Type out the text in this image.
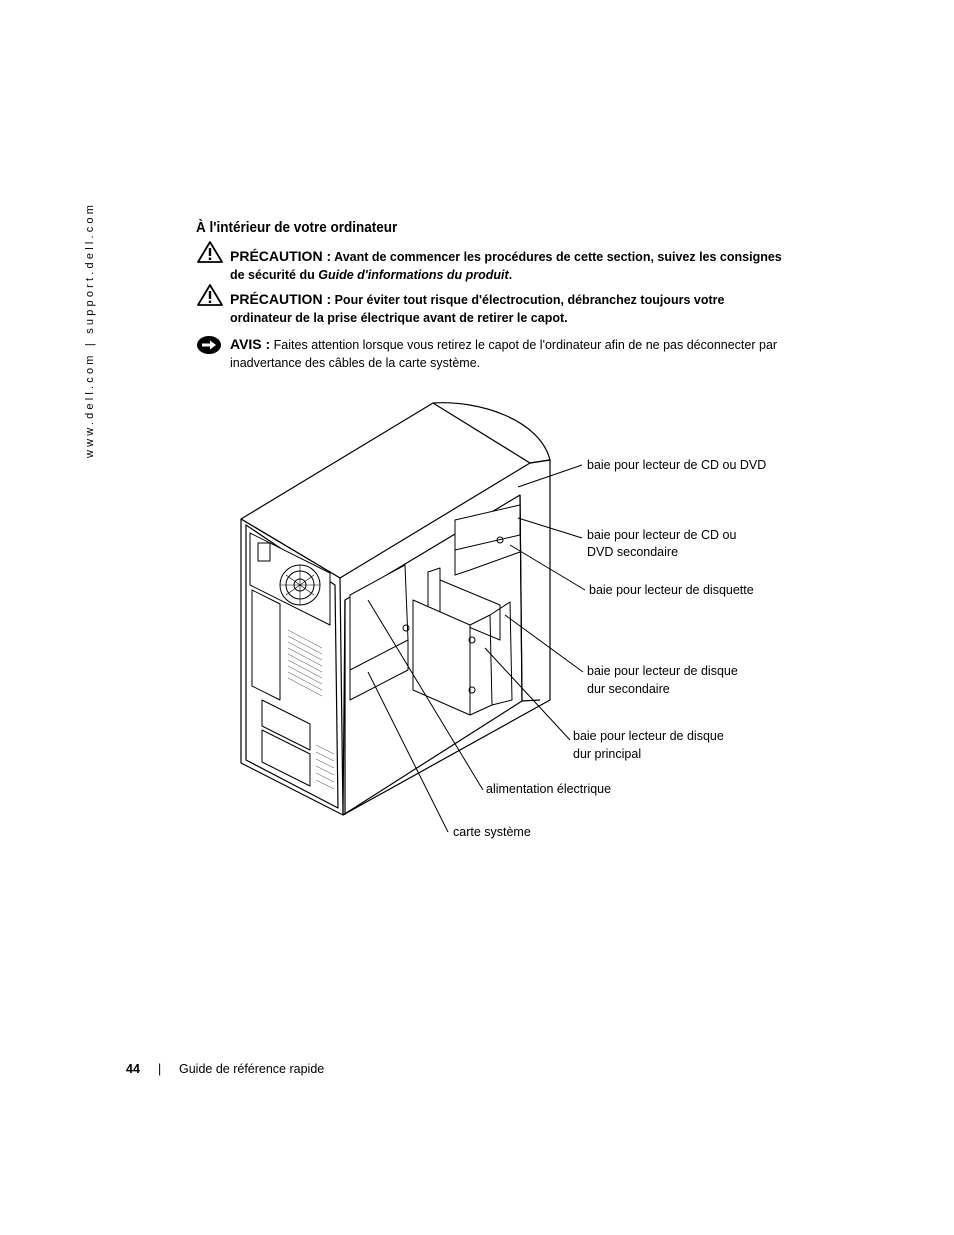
www.dell.com | support.dell.com	À l'intérieur de votre ordinateur
PRÉCAUTION : Avant de commencer les procédures de cette section, suivez les consignes de sécurité du Guide d'informations du produit.
PRÉCAUTION : Pour éviter tout risque d'électrocution, débranchez toujours votre ordinateur de la prise électrique avant de retirer le capot.
AVIS : Faites attention lorsque vous retirez le capot de l'ordinateur afin de ne pas déconnecter par inadvertance des câbles de la carte système.
baie pour lecteur de CD ou DVD
baie pour lecteur de CD ou
DVD secondaire
baie pour lecteur de disquette
baie pour lecteur de disque
dur secondaire
baie pour lecteur de disque
dur principal
alimentation électrique
carte système
44 | Guide de référence rapide
